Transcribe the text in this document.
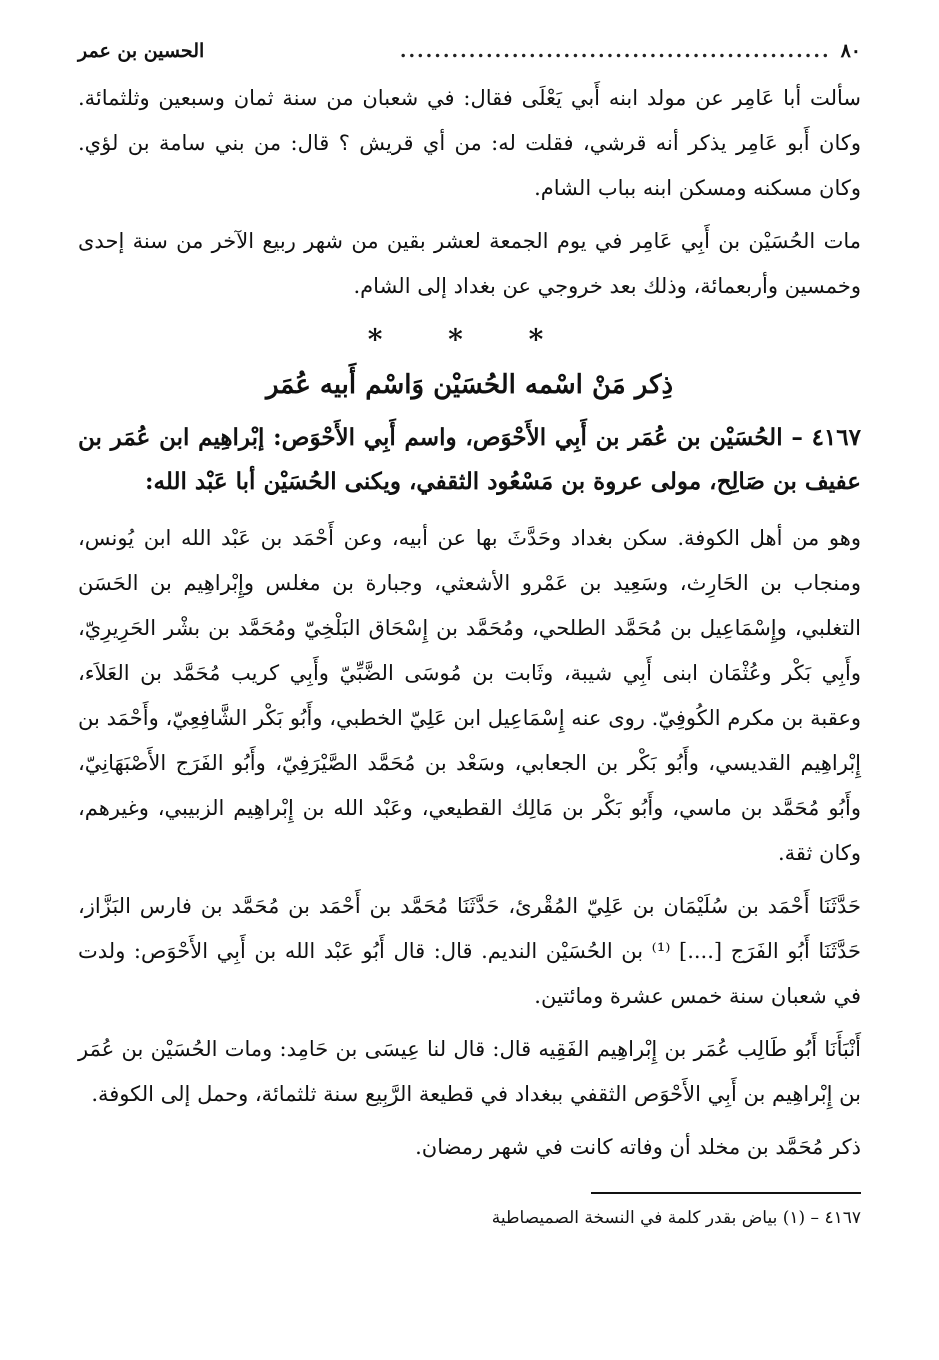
٨٠
..................................................
الحسين بن عمر

سألت أبا عَامِر عن مولد ابنه أَبي يَعْلَى فقال: في شعبان من سنة ثمان وسبعين وثلثمائة. وكان أَبو عَامِر يذكر أنه قرشي، فقلت له: من أي قريش ؟ قال: من بني سامة بن لؤي. وكان مسكنه ومسكن ابنه بباب الشام.

مات الحُسَيْن بن أَبِي عَامِر في يوم الجمعة لعشر بقين من شهر ربيع الآخر من سنة إحدى وخمسين وأربعمائة، وذلك بعد خروجي عن بغداد إلى الشام.

* * *
ذِكر مَنْ اسْمه الحُسَيْن وَاسْم أَبيه عُمَر

٤١٦٧ – الحُسَيْن بن عُمَر بن أَبِي الأَحْوَص، واسم أَبِي الأَحْوَص: إبْراهِيم ابن عُمَر بن عفيف بن صَالِح، مولى عروة بن مَسْعُود الثقفي، ويكنى الحُسَيْن أبا عَبْد الله:

وهو من أهل الكوفة. سكن بغداد وحَدَّثَ بها عن أبيه، وعن أَحْمَد بن عَبْد الله ابن يُونس، ومنجاب بن الحَارِث، وسَعِيد بن عَمْرو الأشعثي، وجبارة بن مغلس وإِبْراهِيم بن الحَسَن التغلبي، وإِسْمَاعِيل بن مُحَمَّد الطلحي، ومُحَمَّد بن إِسْحَاق البَلْخِيّ ومُحَمَّد بن بشْر الحَرِيرِيّ، وأَبِي بَكْر وعُثْمَان ابنى أَبِي شيبة، وثَابت بن مُوسَى الضَّبِّيّ وأَبِي كريب مُحَمَّد بن العَلاَء، وعقبة بن مكرم الكُوفِيّ. روى عنه إِسْمَاعِيل ابن عَلِيّ الخطبي، وأَبُو بَكْر الشَّافِعِيّ، وأَحْمَد بن إِبْراهِيم القديسي، وأَبُو بَكْر بن الجعابي، وسَعْد بن مُحَمَّد الصَّيْرَفِيّ، وأَبُو الفَرَج الأَصْبَهَانِيّ، وأَبُو مُحَمَّد بن ماسي، وأَبُو بَكْر بن مَالِك القطيعي، وعَبْد الله بن إِبْراهِيم الزبيبي، وغيرهم، وكان ثقة.

حَدَّثَنَا أَحْمَد بن سُلَيْمَان بن عَلِيّ المُقْرئ، حَدَّثَنَا مُحَمَّد بن أَحْمَد بن مُحَمَّد بن فارس البَزَّاز، حَدَّثَنَا أَبُو الفَرَج [....] ⁽¹⁾ بن الحُسَيْن النديم. قال: قال أَبُو عَبْد الله بن أَبِي الأَحْوَص: ولدت في شعبان سنة خمس عشرة ومائتين.

أَنْبَأَنَا أَبُو طَالِب عُمَر بن إِبْراهِيم الفَقِيه قال: قال لنا عِيسَى بن حَامِد: ومات الحُسَيْن بن عُمَر بن إِبْراهِيم بن أَبِي الأَحْوَص الثقفي ببغداد في قطيعة الرَّبِيع سنة ثلثمائة، وحمل إلى الكوفة.

ذكر مُحَمَّد بن مخلد أن وفاته كانت في شهر رمضان.

٤١٦٧ – (١) بياض بقدر كلمة في النسخة الصميصاطية
